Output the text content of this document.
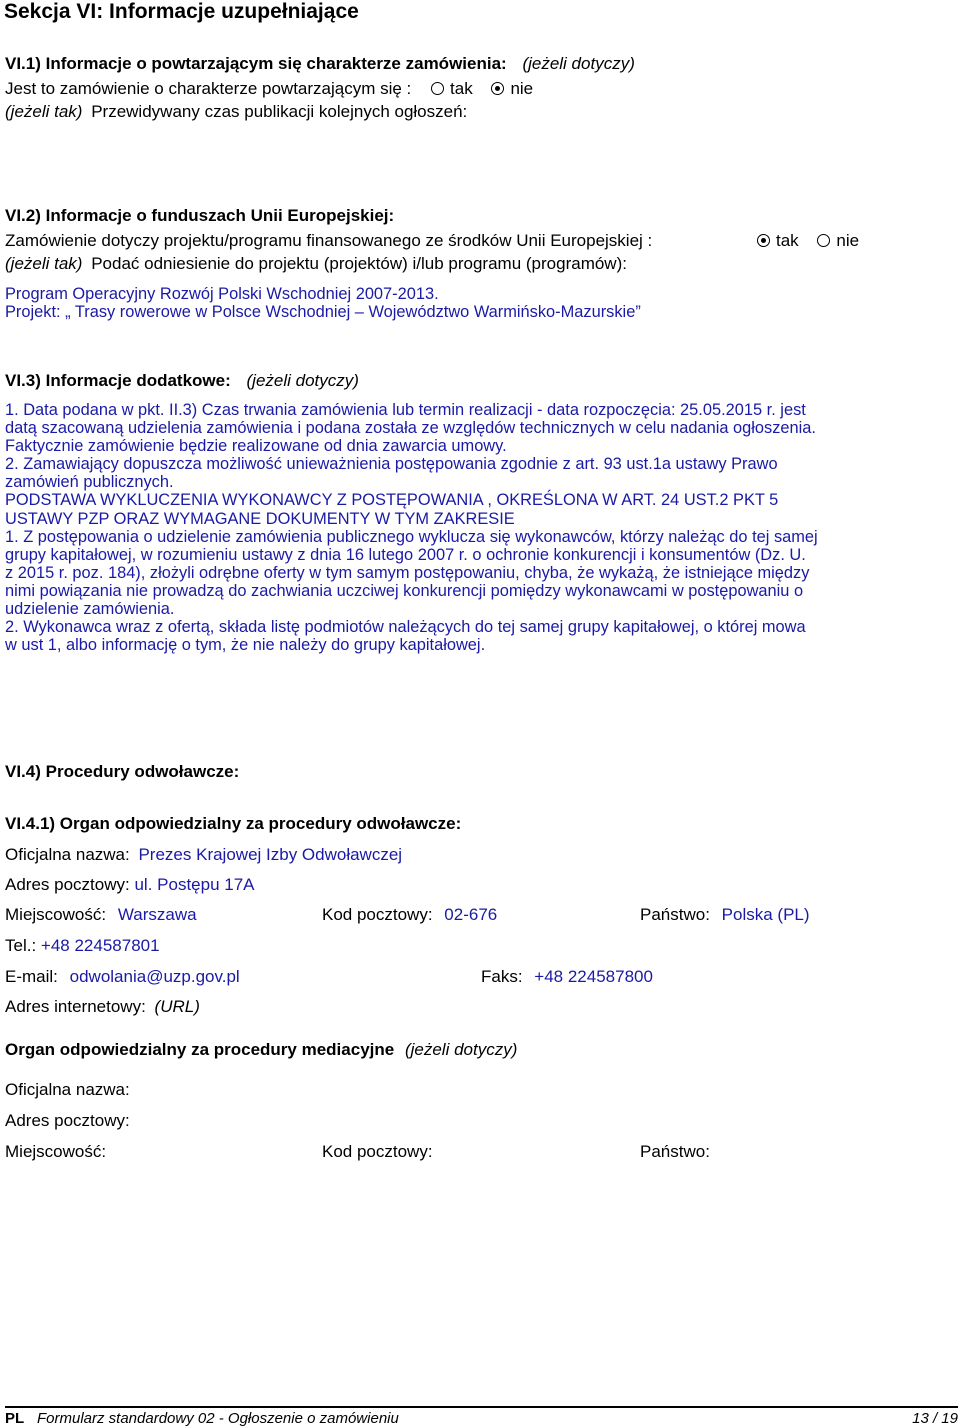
Sekcja VI: Informacje uzupełniające
VI.1) Informacje o powtarzającym się charakterze zamówienia: (jeżeli dotyczy)
Jest to zamówienie o charakterze powtarzającym się : tak nie
(jeżeli tak) Przewidywany czas publikacji kolejnych ogłoszeń:
VI.2) Informacje o funduszach Unii Europejskiej:
Zamówienie dotyczy projektu/programu finansowanego ze środków Unii Europejskiej :	tak nie
(jeżeli tak) Podać odniesienie do projektu (projektów) i/lub programu (programów):
Program Operacyjny Rozwój Polski Wschodniej 2007-2013.
Projekt: „ Trasy rowerowe w Polsce Wschodniej – Województwo Warmińsko-Mazurskie”
VI.3) Informacje dodatkowe: (jeżeli dotyczy)
1. Data podana w pkt. II.3) Czas trwania zamówienia lub termin realizacji - data rozpoczęcia: 25.05.2015 r. jest
datą szacowaną udzielenia zamówienia i podana została ze względów technicznych w celu nadania ogłoszenia.
Faktycznie zamówienie będzie realizowane od dnia zawarcia umowy.
2. Zamawiający dopuszcza możliwość unieważnienia postępowania zgodnie z art. 93 ust.1a ustawy Prawo
zamówień publicznych.
PODSTAWA WYKLUCZENIA WYKONAWCY Z POSTĘPOWANIA , OKREŚLONA W ART. 24 UST.2 PKT 5
USTAWY PZP ORAZ WYMAGANE DOKUMENTY W TYM ZAKRESIE
1. Z postępowania o udzielenie zamówienia publicznego wyklucza się wykonawców, którzy należąc do tej samej
grupy kapitałowej, w rozumieniu ustawy z dnia 16 lutego 2007 r. o ochronie konkurencji i konsumentów (Dz. U.
z 2015 r. poz. 184), złożyli odrębne oferty w tym samym postępowaniu, chyba, że wykażą, że istniejące między
nimi powiązania nie prowadzą do zachwiania uczciwej konkurencji pomiędzy wykonawcami w postępowaniu o
udzielenie zamówienia.
2. Wykonawca wraz z ofertą, składa listę podmiotów należących do tej samej grupy kapitałowej, o której mowa
w ust 1, albo informację o tym, że nie należy do grupy kapitałowej.
VI.4) Procedury odwoławcze:
VI.4.1) Organ odpowiedzialny za procedury odwoławcze:
Oficjalna nazwa: Prezes Krajowej Izby Odwoławczej
Adres pocztowy: ul. Postępu 17A
Miejscowość: Warszawa	Kod pocztowy: 02-676	Państwo: Polska (PL)
Tel.: +48 224587801
E-mail: odwolania@uzp.gov.pl	Faks: +48 224587800
Adres internetowy: (URL)
Organ odpowiedzialny za procedury mediacyjne (jeżeli dotyczy)
Oficjalna nazwa:
Adres pocztowy:
Miejscowość:	Kod pocztowy:	Państwo:
PL Formularz standardowy 02 - Ogłoszenie o zamówieniu	13 / 19
